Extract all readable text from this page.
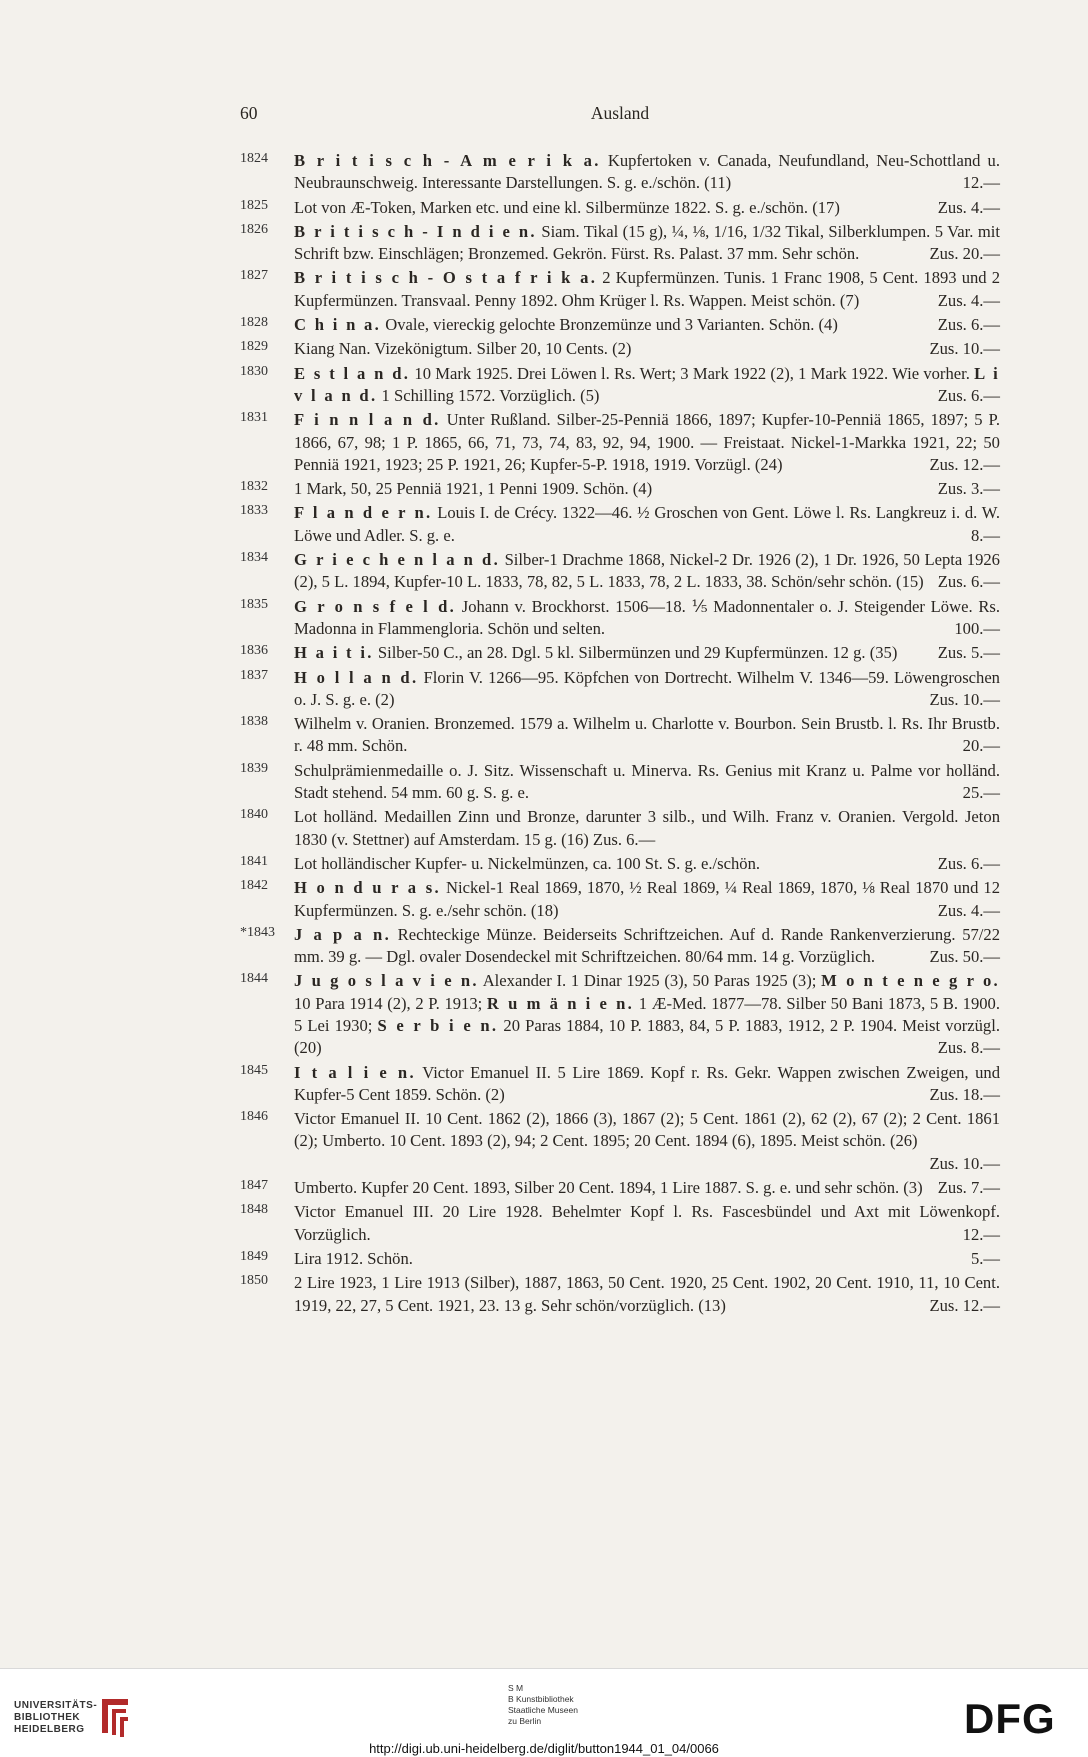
60	Ausland
1824	B r i t i s c h - A m e r i k a. Kupfertoken v. Canada, Neufundland, Neu-Schottland u. Neubraunschweig. Interessante Darstellungen. S. g. e./schön. (11)	12.—
1825	Lot von Æ-Token, Marken etc. und eine kl. Silbermünze 1822. S. g. e./schön. (17)	Zus. 4.—
1826	B r i t i s c h - I n d i e n. Siam. Tikal (15 g), ¼, ⅛, 1/16, 1/32 Tikal, Silberklumpen. 5 Var. mit Schrift bzw. Einschlägen; Bronzemed. Gekrön. Fürst. Rs. Palast. 37 mm. Sehr schön.	Zus. 20.—
1827	B r i t i s c h - O s t a f r i k a. 2 Kupfermünzen. Tunis. 1 Franc 1908, 5 Cent. 1893 und 2 Kupfermünzen. Transvaal. Penny 1892. Ohm Krüger l. Rs. Wappen. Meist schön. (7)	Zus. 4.—
1828	C h i n a. Ovale, viereckig gelochte Bronzemünze und 3 Varianten. Schön. (4)	Zus. 6.—
1829	Kiang Nan. Vizekönigtum. Silber 20, 10 Cents. (2)	Zus. 10.—
1830	E s t l a n d. 10 Mark 1925. Drei Löwen l. Rs. Wert; 3 Mark 1922 (2), 1 Mark 1922. Wie vorher. L i v l a n d. 1 Schilling 1572. Vorzüglich. (5)	Zus. 6.—
1831	F i n n l a n d. Unter Rußland. Silber-25-Penniä 1866, 1897; Kupfer-10-Penniä 1865, 1897; 5 P. 1866, 67, 98; 1 P. 1865, 66, 71, 73, 74, 83, 92, 94, 1900. — Freistaat. Nickel-1-Markka 1921, 22; 50 Penniä 1921, 1923; 25 P. 1921, 26; Kupfer-5-P. 1918, 1919. Vorzügl. (24)	Zus. 12.—
1832	1 Mark, 50, 25 Penniä 1921, 1 Penni 1909. Schön. (4)	Zus. 3.—
1833	F l a n d e r n. Louis I. de Crécy. 1322—46. ½ Groschen von Gent. Löwe l. Rs. Langkreuz i. d. W. Löwe und Adler. S. g. e.	8.—
1834	G r i e c h e n l a n d. Silber-1 Drachme 1868, Nickel-2 Dr. 1926 (2), 1 Dr. 1926, 50 Lepta 1926 (2), 5 L. 1894, Kupfer-10 L. 1833, 78, 82, 5 L. 1833, 78, 2 L. 1833, 38. Schön/sehr schön. (15) Zus. 6.—
1835	G r o n s f e l d. Johann v. Brockhorst. 1506—18. ⅕ Madonnentaler o. J. Steigender Löwe. Rs. Madonna in Flammengloria. Schön und selten.	100.—
1836	H a i t i. Silber-50 C., an 28. Dgl. 5 kl. Silbermünzen und 29 Kupfermünzen. 12 g. (35)	Zus. 5.—
1837	H o l l a n d. Florin V. 1266—95. Köpfchen von Dortrecht. Wilhelm V. 1346—59. Löwengroschen o. J. S. g. e. (2)	Zus. 10.—
1838	Wilhelm v. Oranien. Bronzemed. 1579 a. Wilhelm u. Charlotte v. Bourbon. Sein Brustb. l. Rs. Ihr Brustb. r. 48 mm. Schön.	20.—
1839	Schulprämienmedaille o. J. Sitz. Wissenschaft u. Minerva. Rs. Genius mit Kranz u. Palme vor holländ. Stadt stehend. 54 mm. 60 g. S. g. e.	25.—
1840	Lot holländ. Medaillen Zinn und Bronze, darunter 3 silb., und Wilh. Franz v. Oranien. Vergold. Jeton 1830 (v. Stettner) auf Amsterdam. 15 g. (16) Zus. 6.—
1841	Lot holländischer Kupfer- u. Nickelmünzen, ca. 100 St. S. g. e./schön.	Zus. 6.—
1842	H o n d u r a s. Nickel-1 Real 1869, 1870, ½ Real 1869, ¼ Real 1869, 1870, ⅛ Real 1870 und 12 Kupfermünzen. S. g. e./sehr schön. (18)	Zus. 4.—
*1843	J a p a n. Rechteckige Münze. Beiderseits Schriftzeichen. Auf d. Rande Rankenverzierung. 57/22 mm. 39 g. — Dgl. ovaler Dosendeckel mit Schriftzeichen. 80/64 mm. 14 g. Vorzüglich.	Zus. 50.—
1844	J u g o s l a v i e n. Alexander I. 1 Dinar 1925 (3), 50 Paras 1925 (3); M o n t e n e g r o. 10 Para 1914 (2), 2 P. 1913; R u m ä n i e n. 1 Æ-Med. 1877—78. Silber 50 Bani 1873, 5 B. 1900. 5 Lei 1930; S e r b i e n. 20 Paras 1884, 10 P. 1883, 84, 5 P. 1883, 1912, 2 P. 1904. Meist vorzügl. (20)	Zus. 8.—
1845	I t a l i e n. Victor Emanuel II. 5 Lire 1869. Kopf r. Rs. Gekr. Wappen zwischen Zweigen, und Kupfer-5 Cent 1859. Schön. (2)	Zus. 18.—
1846	Victor Emanuel II. 10 Cent. 1862 (2), 1866 (3), 1867 (2); 5 Cent. 1861 (2), 62 (2), 67 (2); 2 Cent. 1861 (2); Umberto. 10 Cent. 1893 (2), 94; 2 Cent. 1895; 20 Cent. 1894 (6), 1895. Meist schön. (26)
Zus. 10.—
1847	Umberto. Kupfer 20 Cent. 1893, Silber 20 Cent. 1894, 1 Lire 1887. S. g. e. und sehr schön. (3) Zus. 7.—
1848	Victor Emanuel III. 20 Lire 1928. Behelmter Kopf l. Rs. Fascesbündel und Axt mit Löwenkopf. Vorzüglich.	12.—
1849	Lira 1912. Schön.	5.—
1850	2 Lire 1923, 1 Lire 1913 (Silber), 1887, 1863, 50 Cent. 1920, 25 Cent. 1902, 20 Cent. 1910, 11, 10 Cent. 1919, 22, 27, 5 Cent. 1921, 23. 13 g. Sehr schön/vorzüglich. (13)	Zus. 12.—
UNIVERSITÄTS-
BIBLIOTHEK
HEIDELBERG
S M
B Kunstbibliothek
Staatliche Museen
zu Berlin	DFG
http://digi.ub.uni-heidelberg.de/diglit/button1944_01_04/0066
